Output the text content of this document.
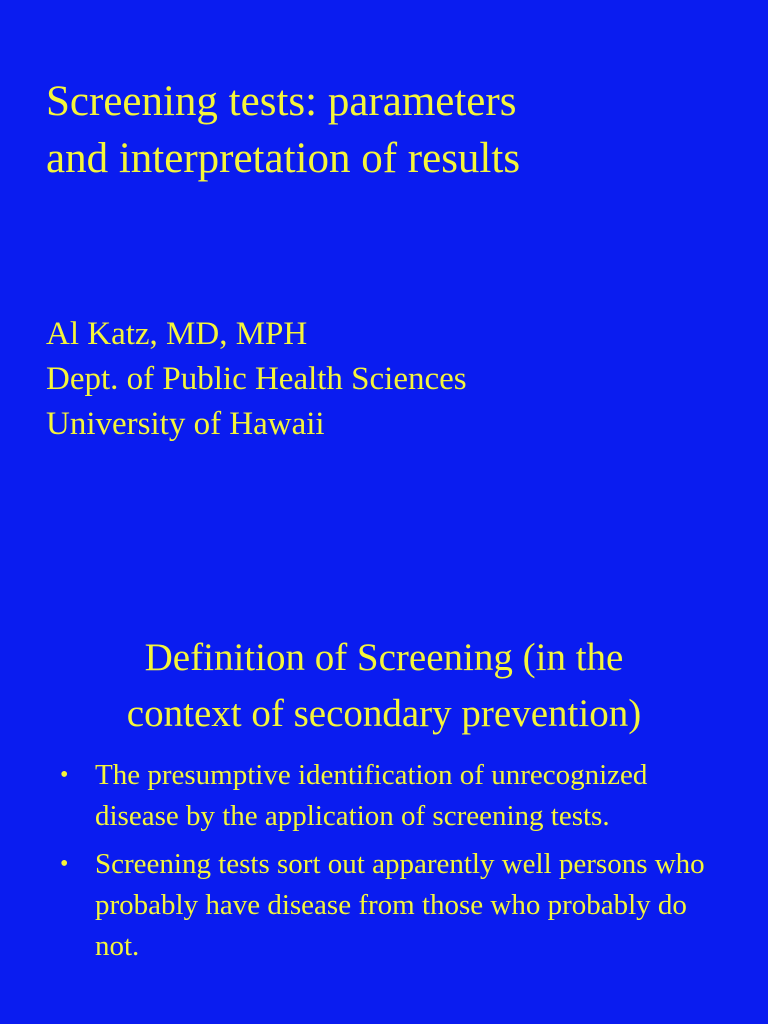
Screening tests: parameters
and interpretation of results
Al Katz, MD, MPH
Dept. of Public Health Sciences
University of Hawaii
Definition of Screening (in the
context of secondary prevention)
• The presumptive identification of unrecognized disease by the application of screening tests.
• Screening tests sort out apparently well persons who probably have disease from those who probably do not.
